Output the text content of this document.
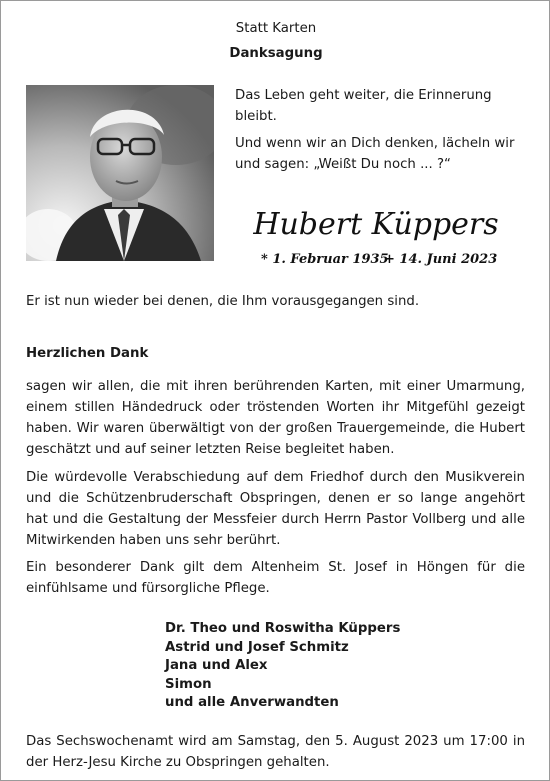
Statt Karten
Danksagung
Das Leben geht weiter, die Erinnerung
bleibt.
Und wenn wir an Dich denken, lächeln wir
und sagen: „Weißt Du noch ... ?“
Hubert Küppers
* 1. Februar 1935
+ 14. Juni 2023
Er ist nun wieder bei denen, die Ihm vorausgegangen sind.
Herzlichen Dank
sagen wir allen, die mit ihren berührenden Karten, mit einer Umarmung, einem stillen Händedruck oder tröstenden Worten ihr Mitgefühl gezeigt haben. Wir waren überwältigt von der großen Trauergemeinde, die Hubert geschätzt und auf seiner letzten Reise begleitet haben.
Die würdevolle Verabschiedung auf dem Friedhof durch den Musikverein und die Schützenbruderschaft Obspringen, denen er so lange angehört hat und die Gestaltung der Messfeier durch Herrn Pastor Vollberg und alle Mitwirkenden haben uns sehr berührt.
Ein besonderer Dank gilt dem Altenheim St. Josef in Höngen für die einfühlsame und fürsorgliche Pflege.
Dr. Theo und Roswitha Küppers
Astrid und Josef Schmitz
Jana und Alex
Simon
und alle Anverwandten
Das Sechswochenamt wird am Samstag, den 5. August 2023 um 17:00 in der Herz-Jesu Kirche zu Obspringen gehalten.
